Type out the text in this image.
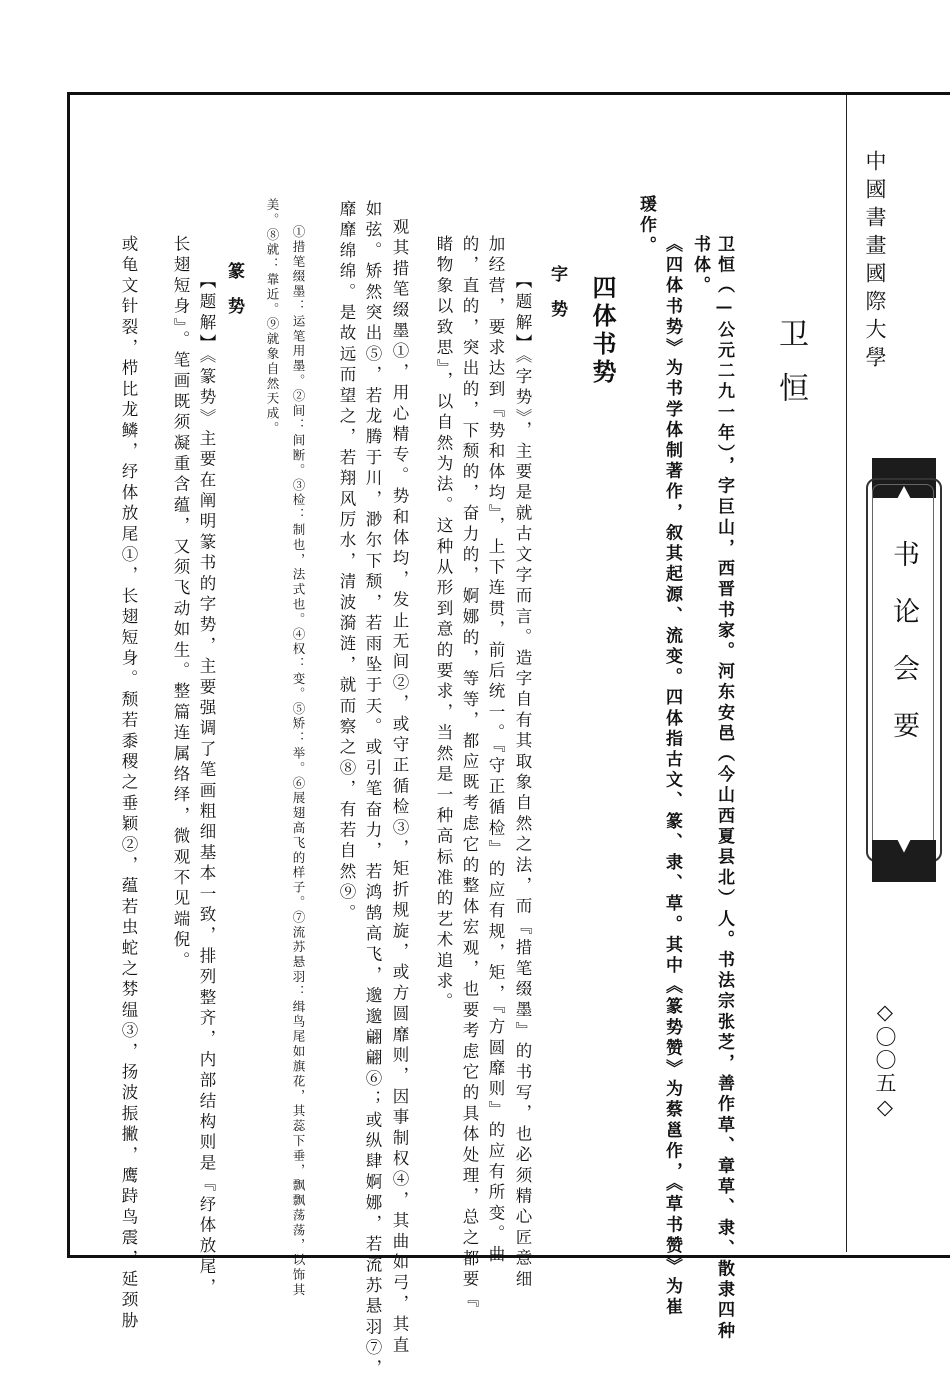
中國書畫國際大學
书论会要
◇〇〇五◇
卫恒
卫恒（—公元二九一年），字巨山，西晋书家。河东安邑（今山西夏县北）人。书法宗张芝，善作草、章草、隶、散隶四种
书体。
《四体书势》为书学体制著作，叙其起源、流变。四体指古文、篆、隶、草。其中《篆势赞》为蔡邕作，《草书赞》为崔
瑗作。
四体书势
字势
【题解】《字势》，主要是就古文字而言。造字自有其取象自然之法，而『措笔缀墨』的书写，也必须精心匠意细
加经营，要求达到『势和体均』，上下连贯，前后统一。『守正循检』的应有规，矩，『方圆靡则』的应有所变。曲
的，直的，突出的，下颓的，奋力的，婀娜的，等等，都应既考虑它的整体宏观，也要考虑它的具体处理，总之都要『
睹物象以致思』，以自然为法。这种从形到意的要求，当然是一种高标准的艺术追求。
观其措笔缀墨①，用心精专。势和体均，发止无间②，或守正循检③，矩折规旋，或方圆靡则，因事制权④，其曲如弓，其直
如弦。矫然突出⑤，若龙腾于川，渺尔下颓，若雨坠于天。或引笔奋力，若鸿鹄高飞，邈邈翩翩⑥；或纵肆婀娜，若流苏悬羽⑦，
靡靡绵绵。是故远而望之，若翔风厉水，清波漪涟，就而察之⑧，有若自然⑨。
①措笔缀墨：运笔用墨。②间：间断。③检：制也，法式也。④权：变。⑤矫：举。⑥展翅高飞的样子。⑦流苏悬羽：缉鸟尾如旗花，其蕊下垂，飘飘荡荡，以饰其
美。⑧就：靠近。⑨就象自然天成。
篆势
【题解】《篆势》主要在阐明篆书的字势，主要强调了笔画粗细基本一致，排列整齐，内部结构则是『纾体放尾，
长翅短身』。笔画既须凝重含蕴，又须飞动如生。整篇连属络绎，微观不见端倪。
或龟文针裂，栉比龙鳞，纾体放尾①，长翅短身。颓若黍稷之垂颖②，蕴若虫蛇之棼缊③，扬波振撇，鹰跱鸟震，延颈胁
